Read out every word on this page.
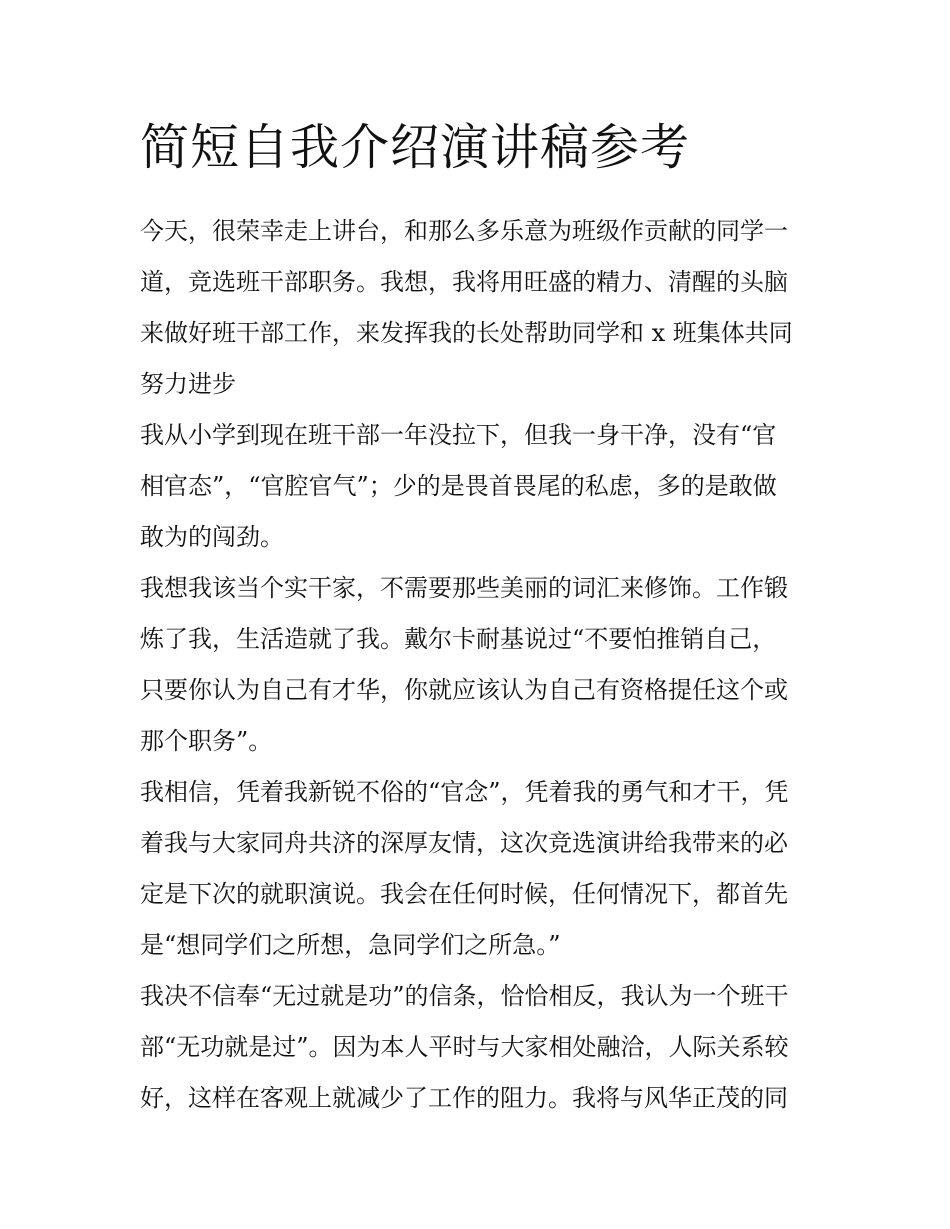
简短自我介绍演讲稿参考

今天，很荣幸走上讲台，和那么多乐意为班级作贡献的同学一
道，竞选班干部职务。我想，我将用旺盛的精力、清醒的头脑
来做好班干部工作，来发挥我的长处帮助同学和 x 班集体共同
努力进步

我从小学到现在班干部一年没拉下，但我一身干净，没有“官
相官态”，“官腔官气”；少的是畏首畏尾的私虑，多的是敢做
敢为的闯劲。

我想我该当个实干家，不需要那些美丽的词汇来修饰。工作锻
炼了我，生活造就了我。戴尔卡耐基说过“不要怕推销自己，
只要你认为自己有才华，你就应该认为自己有资格提任这个或
那个职务”。

我相信，凭着我新锐不俗的“官念”，凭着我的勇气和才干，凭
着我与大家同舟共济的深厚友情，这次竞选演讲给我带来的必
定是下次的就职演说。我会在任何时候，任何情况下，都首先
是“想同学们之所想，急同学们之所急。”

我决不信奉“无过就是功”的信条，恰恰相反，我认为一个班干
部“无功就是过”。因为本人平时与大家相处融洽，人际关系较
好，这样在客观上就减少了工作的阻力。我将与风华正茂的同
